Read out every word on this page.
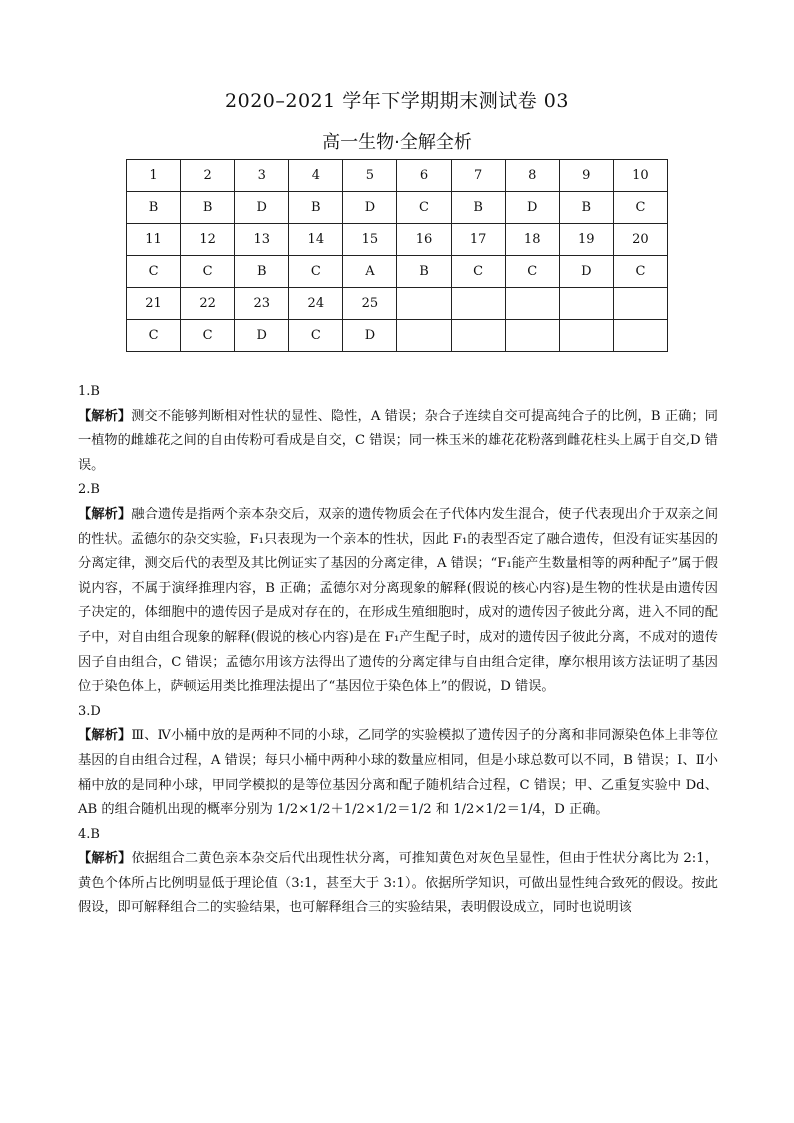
2020–2021 学年下学期期末测试卷 03
高一生物·全解全析
1	2	3	4	5	6	7	8	9	10
B	B	D	B	D	C	B	D	B	C
11	12	13	14	15	16	17	18	19	20
C	C	B	C	A	B	C	C	D	C
21	22	23	24	25					
C	C	D	C	D					

1.B

【解析】测交不能够判断相对性状的显性、隐性，A 错误；杂合子连续自交可提高纯合子的比例，B 正确；同一植物的雌雄花之间的自由传粉可看成是自交，C 错误；同一株玉米的雄花花粉落到雌花柱头上属于自交,D 错误。

2.B

【解析】融合遗传是指两个亲本杂交后，双亲的遗传物质会在子代体内发生混合，使子代表现出介于双亲之间的性状。孟德尔的杂交实验，F₁只表现为一个亲本的性状，因此 F₁的表型否定了融合遗传，但没有证实基因的分离定律，测交后代的表型及其比例证实了基因的分离定律，A 错误；“F₁能产生数量相等的两种配子”属于假说内容，不属于演绎推理内容，B 正确；孟德尔对分离现象的解释(假说的核心内容)是生物的性状是由遗传因子决定的，体细胞中的遗传因子是成对存在的，在形成生殖细胞时，成对的遗传因子彼此分离，进入不同的配子中，对自由组合现象的解释(假说的核心内容)是在 F₁产生配子时，成对的遗传因子彼此分离，不成对的遗传因子自由组合，C 错误；孟德尔用该方法得出了遗传的分离定律与自由组合定律，摩尔根用该方法证明了基因位于染色体上，萨顿运用类比推理法提出了“基因位于染色体上”的假说，D 错误。

3.D

【解析】Ⅲ、Ⅳ小桶中放的是两种不同的小球，乙同学的实验模拟了遗传因子的分离和非同源染色体上非等位基因的自由组合过程，A 错误；每只小桶中两种小球的数量应相同，但是小球总数可以不同，B 错误；Ⅰ、Ⅱ小桶中放的是同种小球，甲同学模拟的是等位基因分离和配子随机结合过程，C 错误；甲、乙重复实验中 Dd、AB 的组合随机出现的概率分别为 1/2×1/2＋1/2×1/2＝1/2 和 1/2×1/2＝1/4，D 正确。

4.B

【解析】依据组合二黄色亲本杂交后代出现性状分离，可推知黄色对灰色呈显性，但由于性状分离比为 2:1，黄色个体所占比例明显低于理论值（3:1，甚至大于 3:1）。依据所学知识，可做出显性纯合致死的假设。按此假设，即可解释组合二的实验结果，也可解释组合三的实验结果，表明假设成立，同时也说明该
